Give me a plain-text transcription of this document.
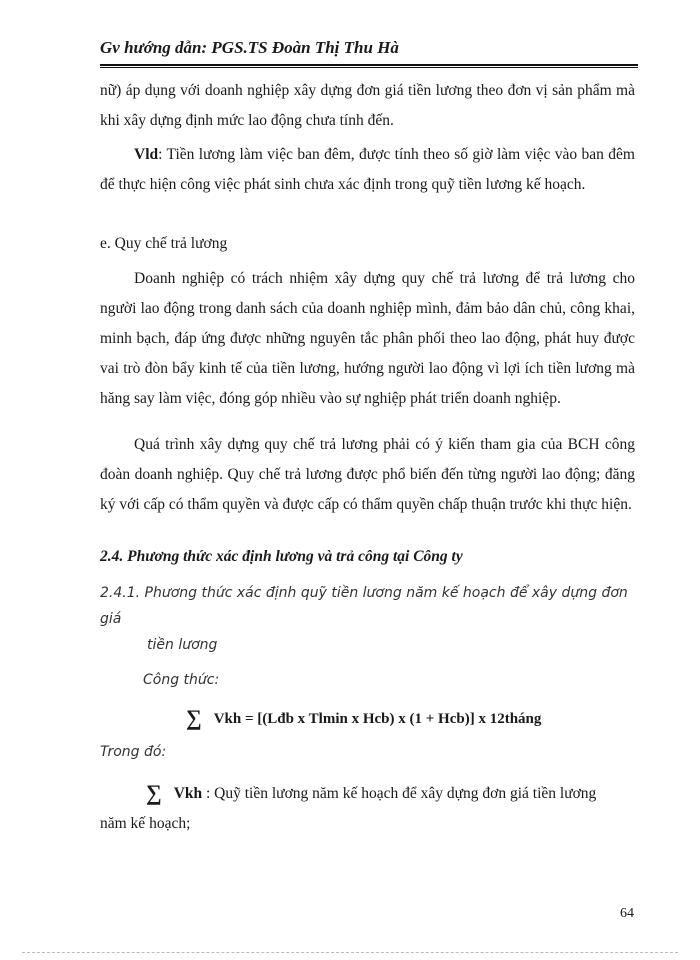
Gv hướng dẫn: PGS.TS Đoàn Thị Thu Hà
nữ) áp dụng với doanh nghiệp xây dựng đơn giá tiền lương theo đơn vị sản phẩm mà khi xây dựng định mức lao động chưa tính đến.
Vld: Tiền lương làm việc ban đêm, được tính theo số giờ làm việc vào ban đêm để thực hiện công việc phát sinh chưa xác định trong quỹ tiền lương kế hoạch.
e. Quy chế trả lương
Doanh nghiệp có trách nhiệm xây dựng quy chế trả lương để trả lương cho người lao động trong danh sách của doanh nghiệp mình, đảm bảo dân chủ, công khai, minh bạch, đáp ứng được những nguyên tắc phân phối theo lao động, phát huy được vai trò đòn bẩy kinh tế của tiền lương, hướng người lao động vì lợi ích tiền lương mà hăng say làm việc, đóng góp nhiều vào sự nghiệp phát triển doanh nghiệp.
Quá trình xây dựng quy chế trả lương phải có ý kiến tham gia của BCH công đoàn doanh nghiệp. Quy chế trả lương được phổ biến đến từng người lao động; đăng ký với cấp có thẩm quyền và được cấp có thẩm quyền chấp thuận trước khi thực hiện.
2.4. Phương thức xác định lương và trả công tại Công ty
2.4.1. Phương thức xác định quỹ tiền lương năm kế hoạch để xây dựng đơn giá
tiền lương
Công thức:
∑ Vkh = [(Lđb x Tlmin x Hcb) x (1 + Hcb)] x 12tháng
Trong đó:
∑ Vkh : Quỹ tiền lương năm kế hoạch để xây dựng đơn giá tiền lương
năm kế hoạch;
64
